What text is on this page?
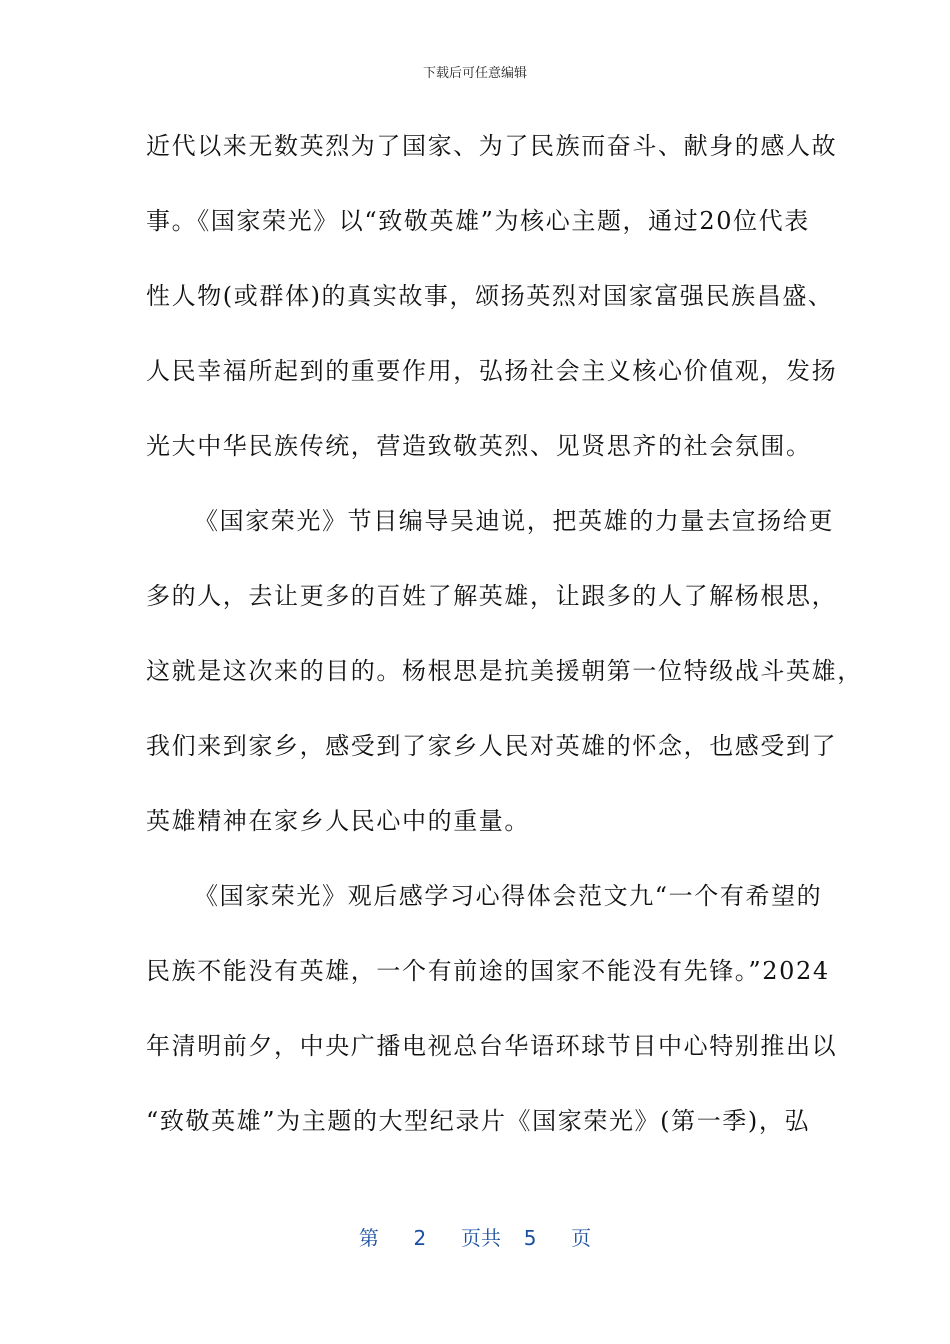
下载后可任意编辑
近代以来无数英烈为了国家、为了民族而奋斗、献身的感人故
事。《国家荣光》以“致敬英雄”为核心主题，通过20位代表
性人物(或群体)的真实故事，颂扬英烈对国家富强民族昌盛、
人民幸福所起到的重要作用，弘扬社会主义核心价值观，发扬
光大中华民族传统，营造致敬英烈、见贤思齐的社会氛围。
《国家荣光》节目编导吴迪说，把英雄的力量去宣扬给更
多的人，去让更多的百姓了解英雄，让跟多的人了解杨根思，
这就是这次来的目的。杨根思是抗美援朝第一位特级战斗英雄，
我们来到家乡，感受到了家乡人民对英雄的怀念，也感受到了
英雄精神在家乡人民心中的重量。
《国家荣光》观后感学习心得体会范文九“一个有希望的
民族不能没有英雄，一个有前途的国家不能没有先锋。”2024
年清明前夕，中央广播电视总台华语环球节目中心特别推出以
“致敬英雄”为主题的大型纪录片《国家荣光》(第一季)，弘
第 2 页共 5 页
